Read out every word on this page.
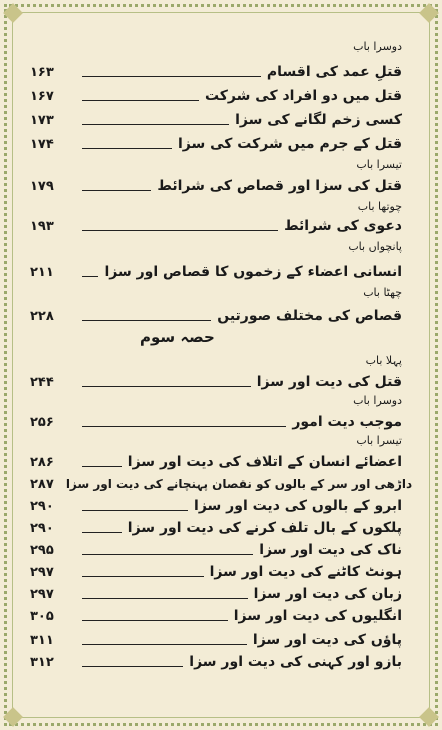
دوسرا باب
۱۶۳	قتلِ عمد کی اقسام
۱۶۷	قتل میں دو افراد کی شرکت
۱۷۳	کسی زخم لگانے کی سزا
۱۷۴	قتل کے جرم میں شرکت کی سزا
تیسرا باب
۱۷۹	قتل کی سزا اور قصاص کی شرائط
چوتھا باب
۱۹۳	دعوی کی شرائط
پانچواں باب
۲۱۱	انسانی اعضاء کے زخموں کا قصاص اور سزا
چھٹا باب
۲۲۸	قصاص کی مختلف صورتیں
حصہ سوم
پہلا باب
۲۴۴	قتل کی دیت اور سزا
دوسرا باب
۲۵۶	موجب دیت امور
تیسرا باب
۲۸۶	اعضائے انسان کے اتلاف کی دیت اور سزا
۲۸۷ داڑھی اور سر کے بالوں کو نقصان پہنچانے کی دیت اور سزا
۲۹۰	ابرو کے بالوں کی دیت اور سزا
۲۹۰	پلکوں کے بال تلف کرنے کی دیت اور سزا
۲۹۵	ناک کی دیت اور سزا
۲۹۷	ہونٹ کاٹنے کی دیت اور سزا
۲۹۷	زبان کی دیت اور سزا
۳۰۵	انگلیوں کی دیت اور سزا
۳۱۱	پاؤں کی دیت اور سزا
۳۱۲	بازو اور کہنی کی دیت اور سزا
